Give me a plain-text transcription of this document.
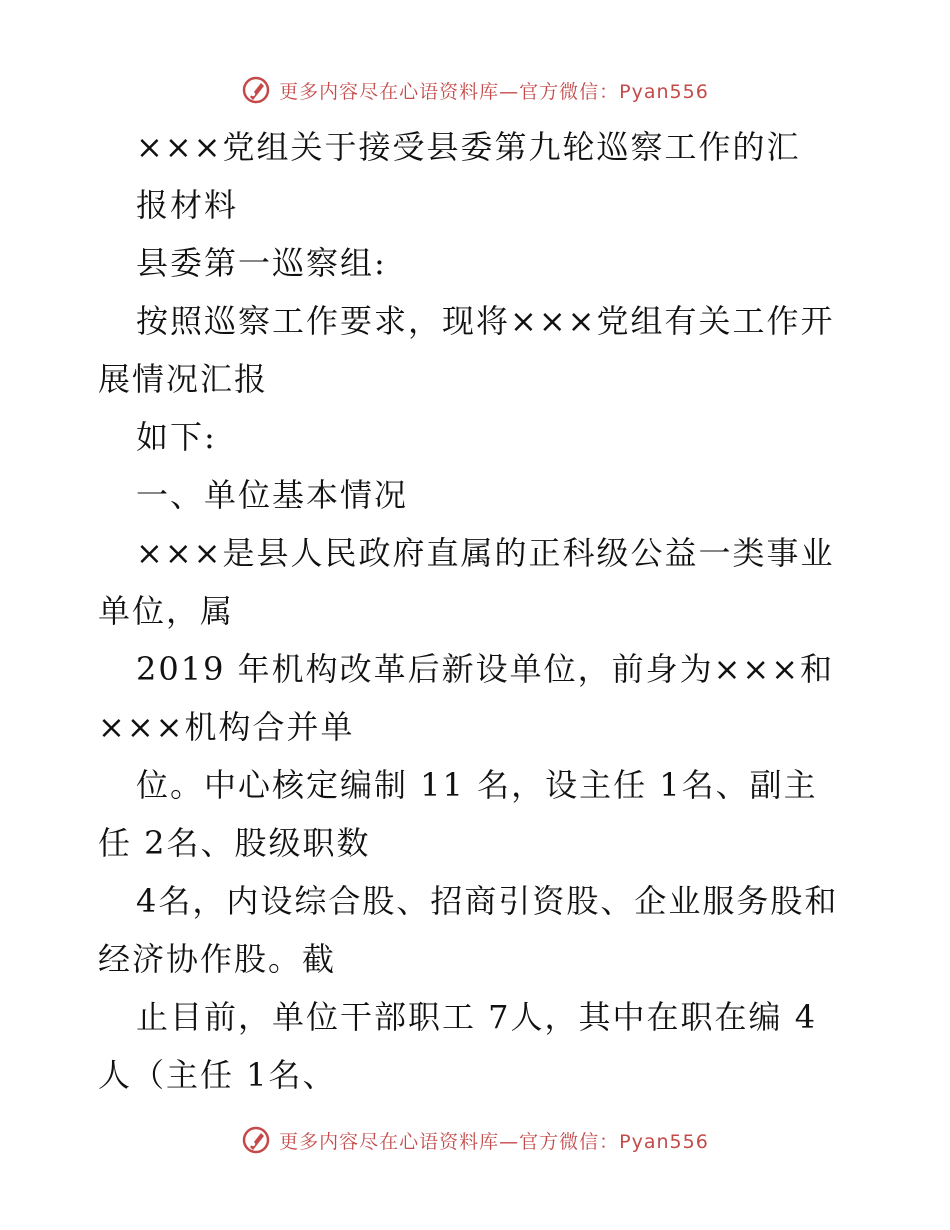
更多内容尽在心语资料库—官方微信：Pyan556
×××党组关于接受县委第九轮巡察工作的汇
报材料
县委第一巡察组:
按照巡察工作要求，现将×××党组有关工作开
展情况汇报
如下:
一、单位基本情况
×××是县人民政府直属的正科级公益一类事业
单位，属
2019 年机构改革后新设单位，前身为×××和
×××机构合并单
位。中心核定编制 11 名，设主任 1名、副主
任 2名、股级职数
4名，内设综合股、招商引资股、企业服务股和
经济协作股。截
止目前，单位干部职工 7人，其中在职在编 4
人（主任 1名、
更多内容尽在心语资料库—官方微信：Pyan556
